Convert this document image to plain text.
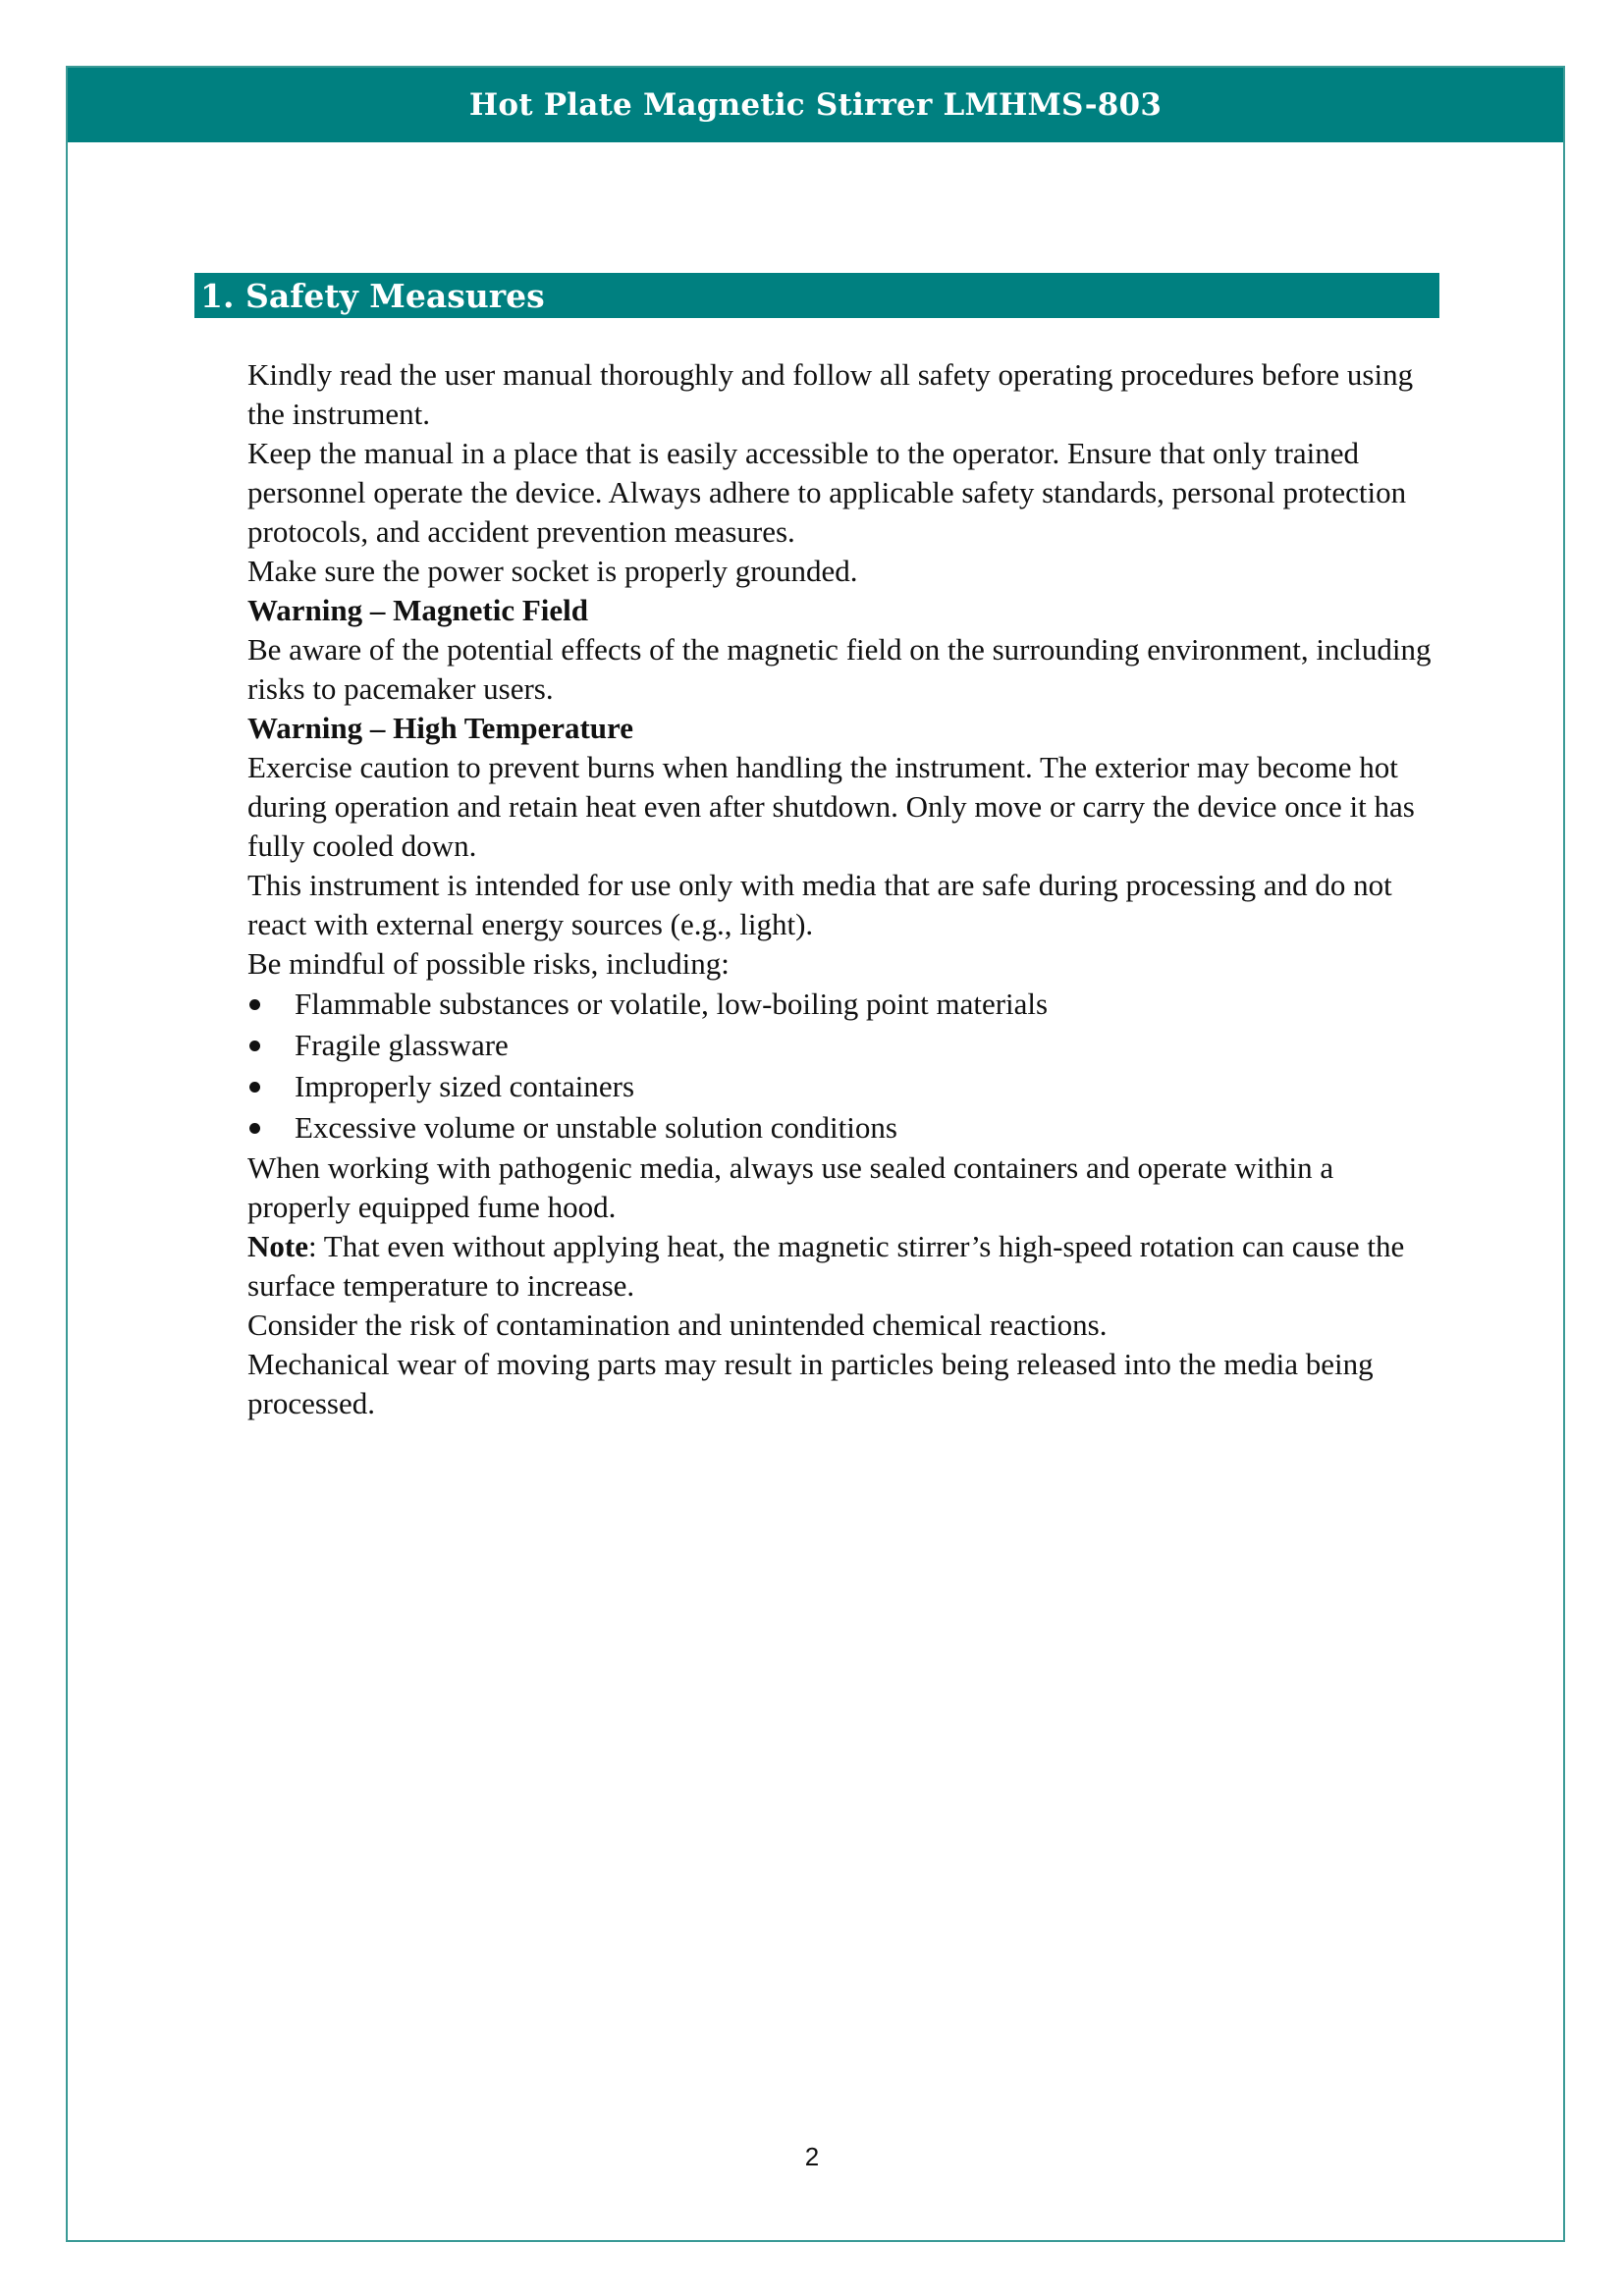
Hot Plate Magnetic Stirrer LMHMS-803
1. Safety Measures

Kindly read the user manual thoroughly and follow all safety operating procedures before using the instrument.

Keep the manual in a place that is easily accessible to the operator. Ensure that only trained personnel operate the device. Always adhere to applicable safety standards, personal protection protocols, and accident prevention measures.

Make sure the power socket is properly grounded.

Warning – Magnetic Field

Be aware of the potential effects of the magnetic field on the surrounding environment, including risks to pacemaker users.

Warning – High Temperature

Exercise caution to prevent burns when handling the instrument. The exterior may become hot during operation and retain heat even after shutdown. Only move or carry the device once it has fully cooled down.

This instrument is intended for use only with media that are safe during processing and do not react with external energy sources (e.g., light).

Be mindful of possible risks, including:

Flammable substances or volatile, low-boiling point materials
Fragile glassware
Improperly sized containers
Excessive volume or unstable solution conditions

When working with pathogenic media, always use sealed containers and operate within a properly equipped fume hood.

Note: That even without applying heat, the magnetic stirrer’s high-speed rotation can cause the surface temperature to increase.

Consider the risk of contamination and unintended chemical reactions.

Mechanical wear of moving parts may result in particles being released into the media being processed.

2
